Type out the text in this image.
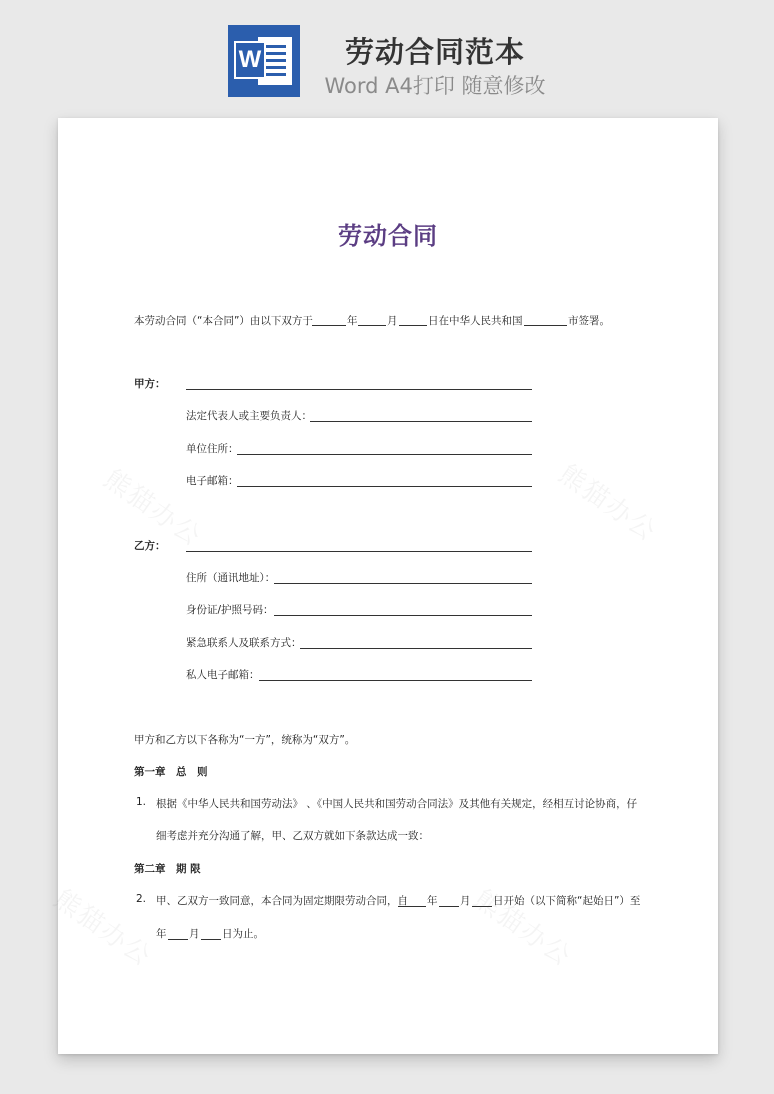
W	劳动合同范本
Word A4打印 随意修改
劳动合同
本劳动合同（“本合同”）由以下双方于	年	月	日在中华人民共和国	市签署。
甲方：
法定代表人或主要负责人：
单位住所：
电子邮箱：
乙方：
住所（通讯地址）：
身份证/护照号码：
紧急联系人及联系方式：
私人电子邮箱：
甲方和乙方以下各称为“一方”，统称为“双方”。
第一章　总　则
1. 根据《中华人民共和国劳动法》 、《中国人民共和国劳动合同法》及其他有关规定，经相互讨论协商，仔
细考虑并充分沟通了解，甲、乙双方就如下条款达成一致：
第二章　期 限
2. 甲、乙双方一致同意，本合同为固定期限劳动合同，自 年 月 日开始（以下简称“起始日”）至
年 月 日为止。
